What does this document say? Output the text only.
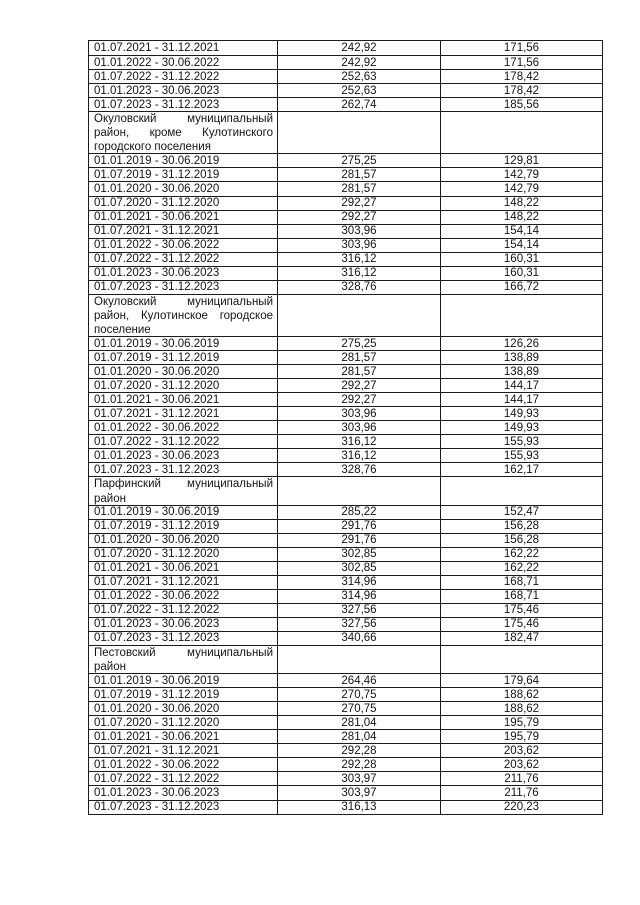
01.07.2021 - 31.12.2021	242,92	171,56
01.01.2022 - 30.06.2022	242,92	171,56
01.07.2022 - 31.12.2022	252,63	178,42
01.01.2023 - 30.06.2023	252,63	178,42
01.07.2023 - 31.12.2023	262,74	185,56
Окуловский муниципальный
район, кроме Кулотинского
городского поселения
01.01.2019 - 30.06.2019	275,25	129,81
01.07.2019 - 31.12.2019	281,57	142,79
01.01.2020 - 30.06.2020	281,57	142,79
01.07.2020 - 31.12.2020	292,27	148,22
01.01.2021 - 30.06.2021	292,27	148,22
01.07.2021 - 31.12.2021	303,96	154,14
01.01.2022 - 30.06.2022	303,96	154,14
01.07.2022 - 31.12.2022	316,12	160,31
01.01.2023 - 30.06.2023	316,12	160,31
01.07.2023 - 31.12.2023	328,76	166,72
Окуловский муниципальный
район, Кулотинское городское
поселение
01.01.2019 - 30.06.2019	275,25	126,26
01.07.2019 - 31.12.2019	281,57	138,89
01.01.2020 - 30.06.2020	281,57	138,89
01.07.2020 - 31.12.2020	292,27	144,17
01.01.2021 - 30.06.2021	292,27	144,17
01.07.2021 - 31.12.2021	303,96	149,93
01.01.2022 - 30.06.2022	303,96	149,93
01.07.2022 - 31.12.2022	316,12	155,93
01.01.2023 - 30.06.2023	316,12	155,93
01.07.2023 - 31.12.2023	328,76	162,17
Парфинский муниципальный
район
01.01.2019 - 30.06.2019	285,22	152,47
01.07.2019 - 31.12.2019	291,76	156,28
01.01.2020 - 30.06.2020	291,76	156,28
01.07.2020 - 31.12.2020	302,85	162,22
01.01.2021 - 30.06.2021	302,85	162,22
01.07.2021 - 31.12.2021	314,96	168,71
01.01.2022 - 30.06.2022	314,96	168,71
01.07.2022 - 31.12.2022	327,56	175,46
01.01.2023 - 30.06.2023	327,56	175,46
01.07.2023 - 31.12.2023	340,66	182,47
Пестовский муниципальный
район
01.01.2019 - 30.06.2019	264,46	179,64
01.07.2019 - 31.12.2019	270,75	188,62
01.01.2020 - 30.06.2020	270,75	188,62
01.07.2020 - 31.12.2020	281,04	195,79
01.01.2021 - 30.06.2021	281,04	195,79
01.07.2021 - 31.12.2021	292,28	203,62
01.01.2022 - 30.06.2022	292,28	203,62
01.07.2022 - 31.12.2022	303,97	211,76
01.01.2023 - 30.06.2023	303,97	211,76
01.07.2023 - 31.12.2023	316,13	220,23
